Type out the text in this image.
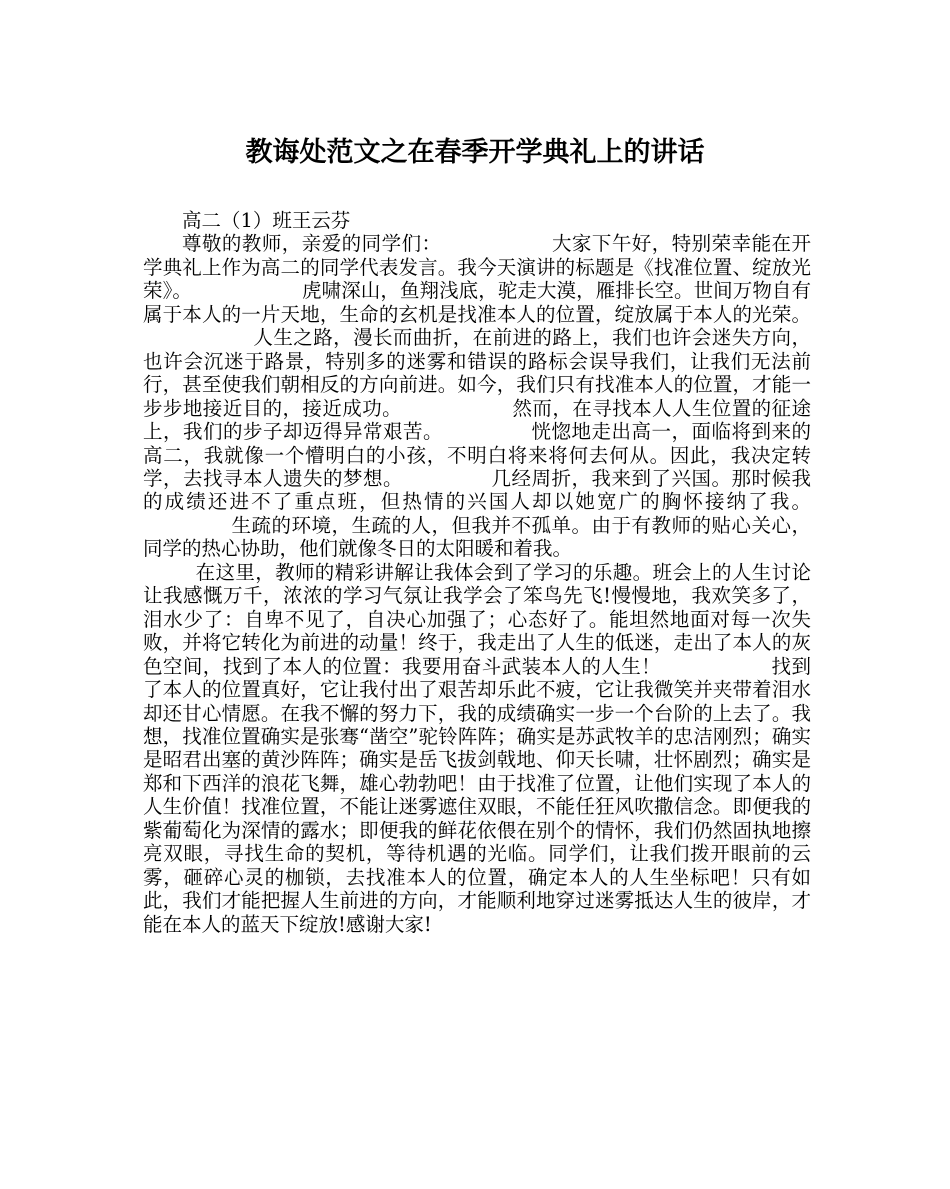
教诲处范文之在春季开学典礼上的讲话

高二（1）班王云芬

尊敬的教师，亲爱的同学们：	大家下午好，特别荣幸能在开学典礼上作为高二的同学代表发言。我今天演讲的标题是《找准位置、绽放光荣》。	虎啸深山，鱼翔浅底，驼走大漠，雁排长空。世间万物自有属于本人的一片天地，生命的玄机是找准本人的位置，绽放属于本人的光荣。人生之路，漫长而曲折，在前进的路上，我们也许会迷失方向，也许会沉迷于路景，特别多的迷雾和错误的路标会误导我们，让我们无法前行，甚至使我们朝相反的方向前进。如今，我们只有找准本人的位置，才能一步步地接近目的，接近成功。	然而，在寻找本人人生位置的征途上，我们的步子却迈得异常艰苦。	恍惚地走出高一，面临将到来的高二，我就像一个懵明白的小孩，不明白将来将何去何从。因此，我决定转学，去找寻本人遗失的梦想。	几经周折，我来到了兴国。那时候我的成绩还进不了重点班，但热情的兴国人却以她宽广的胸怀接纳了我。生疏的环境，生疏的人，但我并不孤单。由于有教师的贴心关心，同学的热心协助，他们就像冬日的太阳暖和着我。

在这里，教师的精彩讲解让我体会到了学习的乐趣。班会上的人生讨论让我感慨万千，浓浓的学习气氛让我学会了笨鸟先飞!慢慢地，我欢笑多了，泪水少了：自卑不见了，自决心加强了；心态好了。能坦然地面对每一次失败，并将它转化为前进的动量！终于，我走出了人生的低迷，走出了本人的灰色空间，找到了本人的位置：我要用奋斗武装本人的人生！	找到了本人的位置真好，它让我付出了艰苦却乐此不疲，它让我微笑并夹带着泪水却还甘心情愿。在我不懈的努力下，我的成绩确实一步一个台阶的上去了。我想，找准位置确实是张骞“凿空”驼铃阵阵；确实是苏武牧羊的忠洁刚烈；确实是昭君出塞的黄沙阵阵；确实是岳飞拔剑戟地、仰天长啸，壮怀剧烈；确实是郑和下西洋的浪花飞舞，雄心勃勃吧！由于找准了位置，让他们实现了本人的人生价值！找准位置，不能让迷雾遮住双眼，不能任狂风吹撒信念。即便我的紫葡萄化为深情的露水；即便我的鲜花依偎在别个的情怀，我们仍然固执地擦亮双眼，寻找生命的契机，等待机遇的光临。同学们，让我们拨开眼前的云雾，砸碎心灵的枷锁，去找准本人的位置，确定本人的人生坐标吧！只有如此，我们才能把握人生前进的方向，才能顺利地穿过迷雾抵达人生的彼岸，才能在本人的蓝天下绽放!感谢大家!
